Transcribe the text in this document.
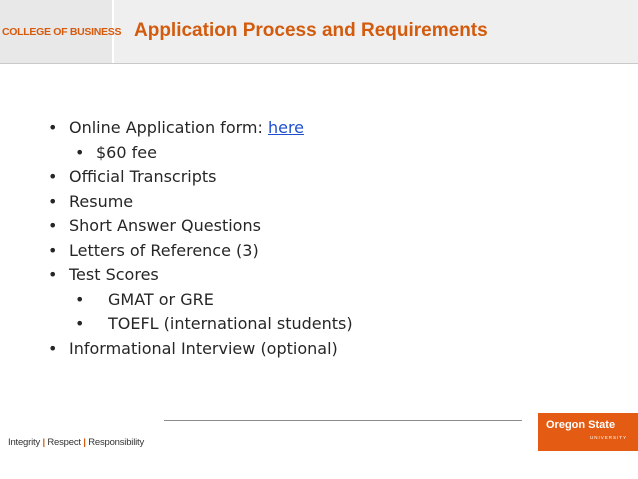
COLLEGE OF BUSINESS Application Process and Requirements
• Online Application form: here
• $60 fee
• Official Transcripts
• Resume
• Short Answer Questions
• Letters of Reference (3)
• Test Scores
• GMAT or GRE
• TOEFL (international students)
• Informational Interview (optional)
Integrity | Respect | Responsibility
Oregon State
UNIVERSITY
